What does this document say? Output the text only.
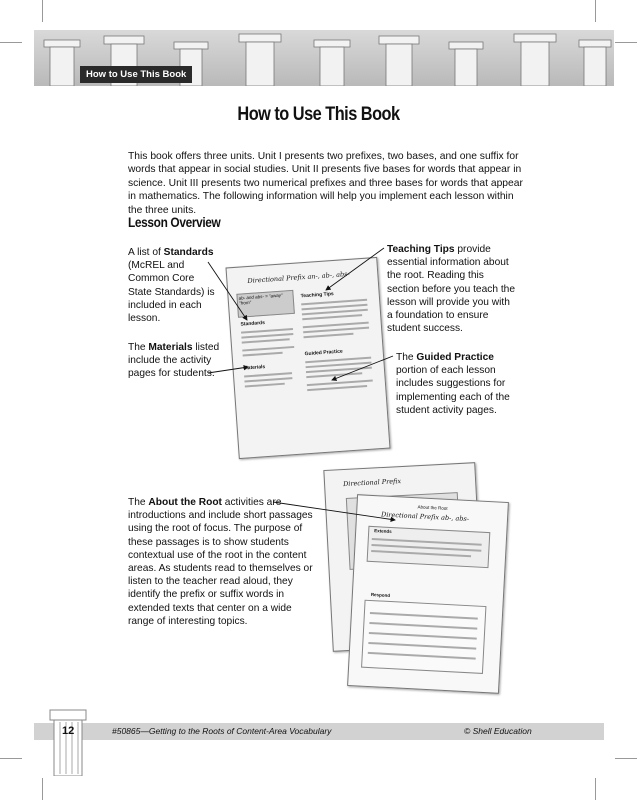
How to Use This Book
How to Use This Book
This book offers three units. Unit I presents two prefixes, two bases, and one suffix for words that appear in social studies. Unit II presents five bases for words that appear in science. Unit III presents two numerical prefixes and three bases for words that appear in mathematics. The following information will help you implement each lesson within the three units.
Lesson Overview
A list of Standards (McREL and Common Core State Standards) is included in each lesson.
The Materials listed include the activity pages for students.
Teaching Tips provide essential information about the root. Reading this section before you teach the lesson will provide you with a foundation to ensure student success.
The Guided Practice portion of each lesson includes suggestions for implementing each of the student activity pages.
The About the Root activities are introductions and include short passages using the root of focus. The purpose of these passages is to show students contextual use of the root in the content areas. As students read to themselves or listen to the teacher read aloud, they identify the prefix or suffix words in extended texts that center on a wide range of interesting topics.
Directional Prefix an-, ab-, abs-
ab- and abs- = "away" "from"
Standards
Materials
Teaching Tips
Guided Practice
Directional Prefix
About the Root
Directional Prefix ab-, abs-
Extends
Respond
12	#50865—Getting to the Roots of Content-Area Vocabulary	© Shell Education
